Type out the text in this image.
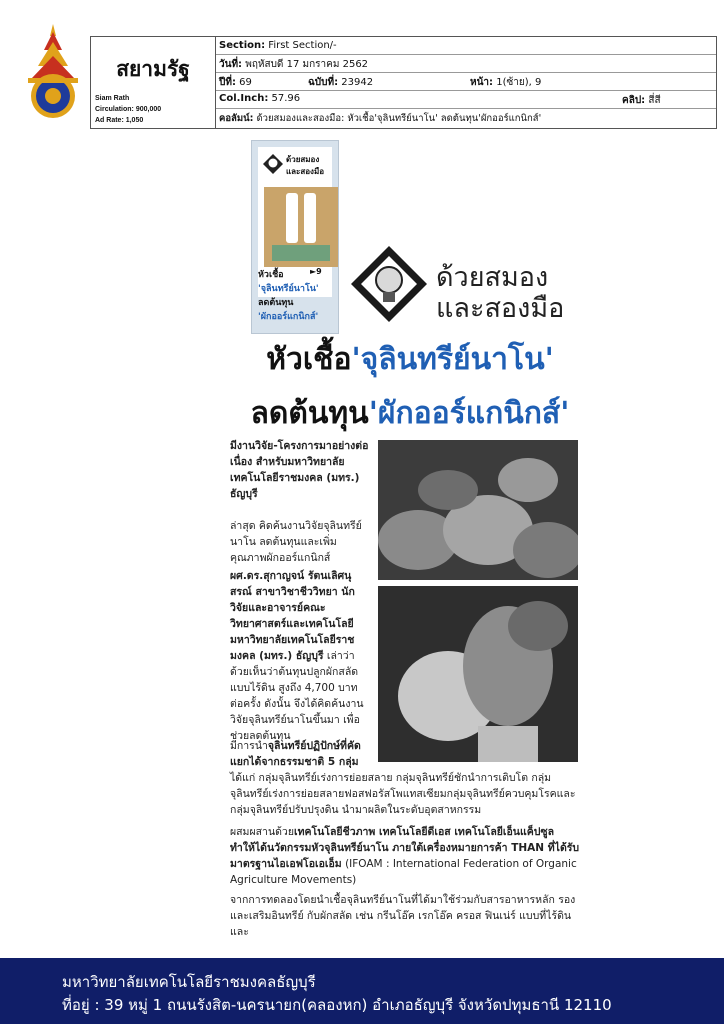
สยามรัฐ
Siam Rath
Circulation: 900,000
Ad Rate: 1,050
Section: First Section/-
วันที่: พฤหัสบดี 17 มกราคม 2562
ปีที่: 69	ฉบับที่: 23942	หน้า: 1(ซ้าย), 9
Col.Inch: 57.96	คลิป: สี่สี
คอลัมน์: ด้วยสมองและสองมือ: หัวเชื้อ'จุลินทรีย์นาโน' ลดต้นทุน'ผักออร์แกนิกส์'
ด้วยสมอง
และสองมือ
หัวเชื้อ	►9
'จุลินทรีย์นาโน'
ลดต้นทุน
'ผักออร์แกนิกส์'
ด้วยสมอง
และสองมือ
หัวเชื้อ'จุลินทรีย์นาโน'
ลดต้นทุน'ผักออร์แกนิกส์'
มีงานวิจัย-โครงการมาอย่างต่อเนื่อง สำหรับมหาวิทยาลัยเทคโนโลยีราชมงคล (มทร.) ธัญบุรี
ล่าสุด คิดค้นงานวิจัยจุลินทรีย์นาโน ลดต้นทุนและเพิ่มคุณภาพผักออร์แกนิกส์
ผศ.ดร.สุกาญจน์ รัตนเลิศนุสรณ์ สาขาวิชาชีววิทยา นักวิจัยและอาจารย์คณะวิทยาศาสตร์และเทคโนโลยี มหาวิทยาลัยเทคโนโลยีราชมงคล (มทร.) ธัญบุรี เล่าว่า ด้วยเห็นว่าต้นทุนปลูกผักสลัดแบบไร้ดิน สูงถึง 4,700 บาทต่อครั้ง ดังนั้น จึงได้คิดค้นงานวิจัยจุลินทรีย์นาโนขึ้นมา เพื่อช่วยลดต้นทุน
มีการนำจุลินทรีย์ปฏิปักษ์ที่คัดแยกได้จากธรรมชาติ 5 กลุ่ม
ได้แก่ กลุ่มจุลินทรีย์เร่งการย่อยสลาย กลุ่มจุลินทรีย์ชักนำการเติบโต กลุ่มจุลินทรีย์เร่งการย่อยสลายฟอสฟอรัสโพแทสเซียมกลุ่มจุลินทรีย์ควบคุมโรคและกลุ่มจุลินทรีย์ปรับปรุงดิน นำมาผลิตในระดับอุตสาหกรรม
ผสมผสานด้วยเทคโนโลยีชีวภาพ เทคโนโลยีดีเอส เทคโนโลยีเอ็นแค็ปซูล ทำให้ได้นวัตกรรมหัวจุลินทรีย์นาโน ภายใต้เครื่องหมายการค้า THAN ที่ได้รับมาตรฐานไอเอฟโอเอเอ็ม (IFOAM : International Federation of Organic Agriculture Movements)
จากการทดลองโดยนำเชื้อจุลินทรีย์นาโนที่ได้มาใช้ร่วมกับสารอาหารหลัก รองและเสริมอินทรีย์ กับผักสลัด เช่น กรีนโอ๊ค เรกโอ๊ค ครอส ฟินเน่ร์ แบบที่ไร้ดินและ
มหาวิทยาลัยเทคโนโลยีราชมงคลธัญบุรี
ที่อยู่ : 39 หมู่ 1 ถนนรังสิต-นครนายก(คลองหก) อำเภอธัญบุรี จังหวัดปทุมธานี 12110
